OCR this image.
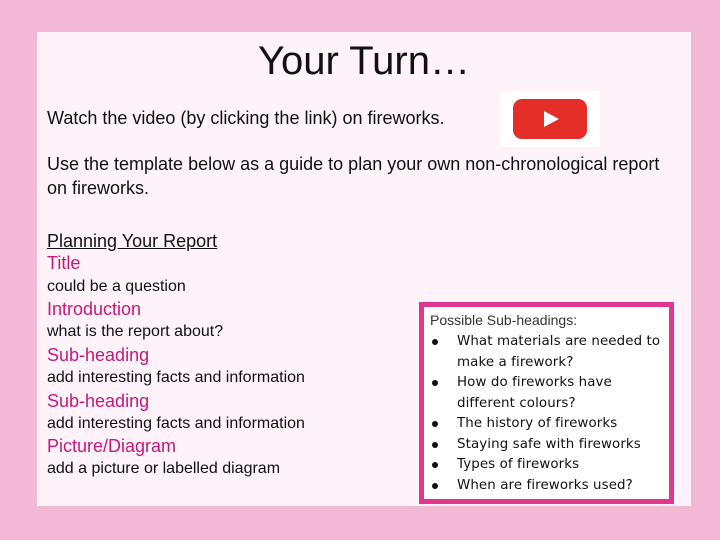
Your Turn…
Watch the video (by clicking the link) on fireworks.
Use the template below as a guide to plan your own non-chronological report on fireworks.
Planning Your Report
Title
could be a question
Introduction
what is the report about?
Sub-heading
add interesting facts and information
Sub-heading
add interesting facts and information
Picture/Diagram
add a picture or labelled diagram
Possible Sub-headings:
What materials are needed to make a firework?
How do fireworks have different colours?
The history of fireworks
Staying safe with fireworks
Types of fireworks
When are fireworks used?
